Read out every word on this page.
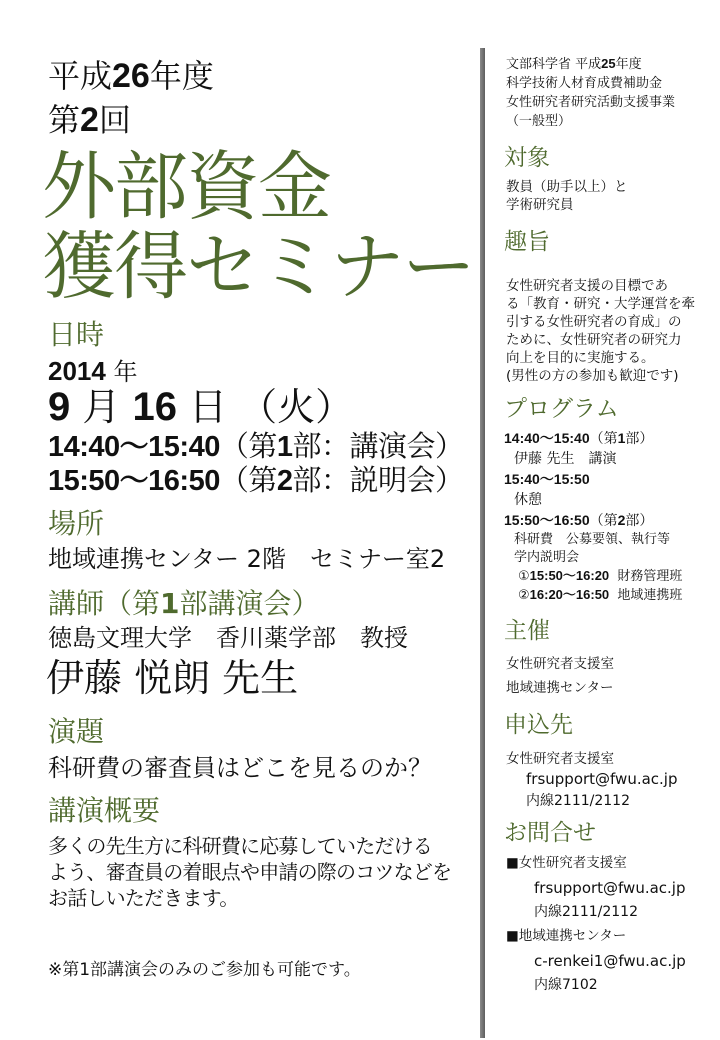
平成26年度
第2回
外部資金
獲得セミナー
日時
2014 年
9 月 16 日 （火）
14:40～15:40（第1部：講演会）
15:50～16:50（第2部：説明会）
場所
地域連携センター 2階　セミナー室2
講師（第1部講演会）
徳島文理大学　香川薬学部　教授
伊藤 悦朗 先生
演題
科研費の審査員はどこを見るのか？
講演概要
多くの先生方に科研費に応募していただける
よう、審査員の着眼点や申請の際のコツなどを
お話しいただきます。
※第1部講演会のみのご参加も可能です。
文部科学省 平成25年度
科学技術人材育成費補助金
女性研究者研究活動支援事業
（一般型）
対象
教員（助手以上）と
学術研究員
趣旨
女性研究者支援の目標であ
る「教育・研究・大学運営を牽
引する女性研究者の育成」の
ために、女性研究者の研究力
向上を目的に実施する。
(男性の方の参加も歓迎です)
プログラム
14:40～15:40（第1部）
伊藤 先生　講演
15:40～15:50
休憩
15:50～16:50（第2部）
科研費　公募要領、執行等
学内説明会
①15:50～16:20 財務管理班
②16:20～16:50 地域連携班
主催
女性研究者支援室
地域連携センター
申込先
女性研究者支援室
frsupport@fwu.ac.jp
内線2111/2112
お問合せ
■女性研究者支援室
frsupport@fwu.ac.jp
内線2111/2112
■地域連携センター
c-renkei1@fwu.ac.jp
内線7102
